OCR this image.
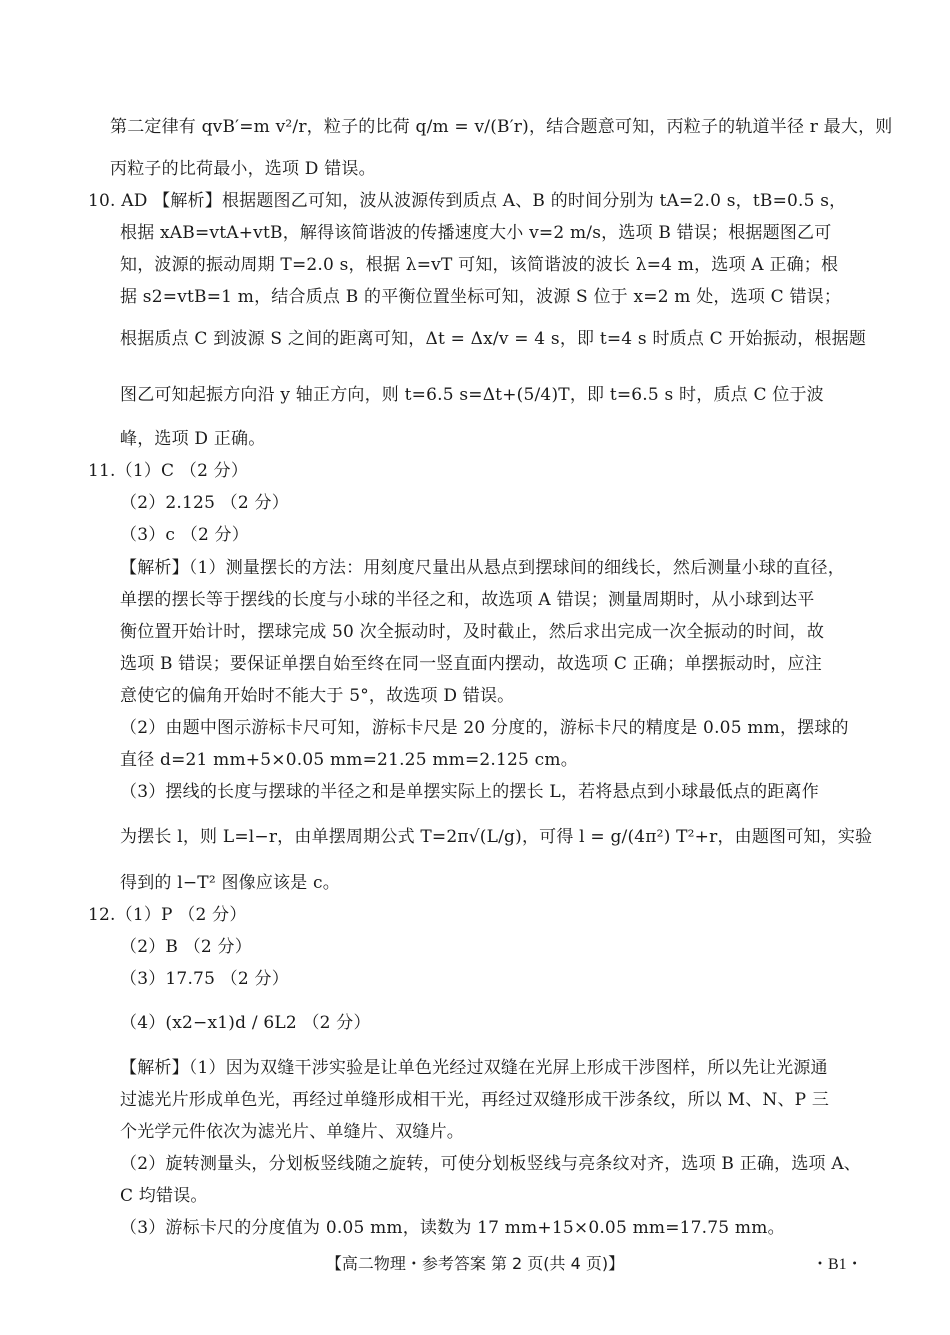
第二定律有 qvB′=m v²/r，粒子的比荷 q/m = v/(B′r)，结合题意可知，丙粒子的轨道半径 r 最大，则
丙粒子的比荷最小，选项 D 错误。
10. AD 【解析】根据题图乙可知，波从波源传到质点 A、B 的时间分别为 tA=2.0 s，tB=0.5 s，
根据 xAB=vtA+vtB，解得该简谐波的传播速度大小 v=2 m/s，选项 B 错误；根据题图乙可
知，波源的振动周期 T=2.0 s，根据 λ=vT 可知，该简谐波的波长 λ=4 m，选项 A 正确；根
据 s2=vtB=1 m，结合质点 B 的平衡位置坐标可知，波源 S 位于 x=2 m 处，选项 C 错误；
根据质点 C 到波源 S 之间的距离可知，Δt = Δx/v = 4 s，即 t=4 s 时质点 C 开始振动，根据题
图乙可知起振方向沿 y 轴正方向，则 t=6.5 s=Δt+(5/4)T，即 t=6.5 s 时，质点 C 位于波
峰，选项 D 正确。
11.（1）C （2 分）
（2）2.125 （2 分）
（3）c （2 分）
【解析】（1）测量摆长的方法：用刻度尺量出从悬点到摆球间的细线长，然后测量小球的直径，
单摆的摆长等于摆线的长度与小球的半径之和，故选项 A 错误；测量周期时，从小球到达平
衡位置开始计时，摆球完成 50 次全振动时，及时截止，然后求出完成一次全振动的时间，故
选项 B 错误；要保证单摆自始至终在同一竖直面内摆动，故选项 C 正确；单摆振动时，应注
意使它的偏角开始时不能大于 5°，故选项 D 错误。
（2）由题中图示游标卡尺可知，游标卡尺是 20 分度的，游标卡尺的精度是 0.05 mm，摆球的
直径 d=21 mm+5×0.05 mm=21.25 mm=2.125 cm。
（3）摆线的长度与摆球的半径之和是单摆实际上的摆长 L，若将悬点到小球最低点的距离作
为摆长 l，则 L=l−r，由单摆周期公式 T=2π√(L/g)，可得 l = g/(4π²) T²+r，由题图可知，实验
得到的 l−T² 图像应该是 c。
12.（1）P （2 分）
（2）B （2 分）
（3）17.75 （2 分）
（4）(x2−x1)d / 6L2 （2 分）
【解析】（1）因为双缝干涉实验是让单色光经过双缝在光屏上形成干涉图样，所以先让光源通
过滤光片形成单色光，再经过单缝形成相干光，再经过双缝形成干涉条纹，所以 M、N、P 三
个光学元件依次为滤光片、单缝片、双缝片。
（2）旋转测量头，分划板竖线随之旋转，可使分划板竖线与亮条纹对齐，选项 B 正确，选项 A、
C 均错误。
（3）游标卡尺的分度值为 0.05 mm，读数为 17 mm+15×0.05 mm=17.75 mm。
【高二物理・参考答案 第 2 页(共 4 页)】	・B1・
